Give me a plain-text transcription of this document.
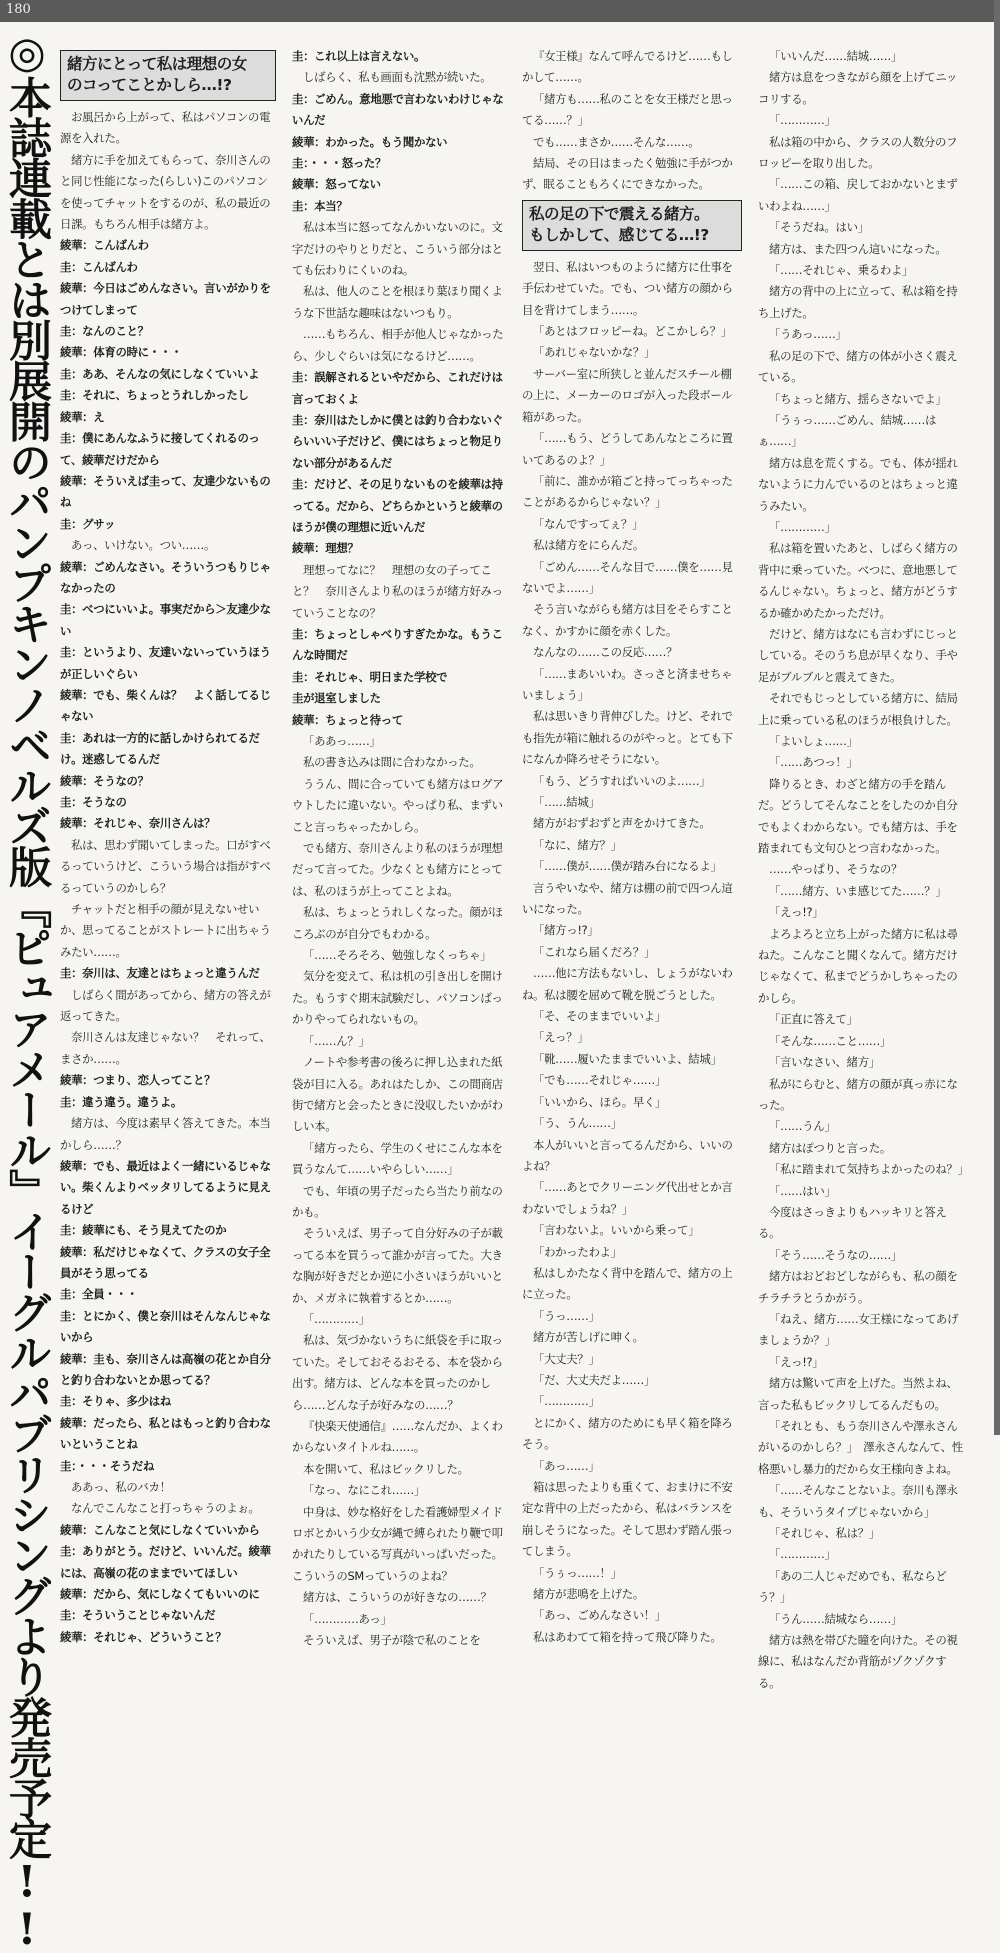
180
◎本誌連載とは別展開のパンプキンノベルズ版『ピュアメール』イーグルパブリシングより発売予定!! 緒方にとって私は理想の女
のコってことかしら…!?

お風呂から上がって、私はパソコンの電源を入れた。

緒方に手を加えてもらって、奈川さんのと同じ性能になった(らしい)このパソコンを使ってチャットをするのが、私の最近の日課。もちろん相手は緒方よ。

綾華：こんばんわ

圭：こんばんわ

綾華：今日はごめんなさい。言いがかりをつけてしまって

圭：なんのこと？

綾華：体育の時に・・・

圭：ああ、そんなの気にしなくていいよ

圭：それに、ちょっとうれしかったし

綾華：え

圭：僕にあんなふうに接してくれるのって、綾華だけだから

綾華：そういえば圭って、友達少ないものね

圭：グサッ

あっ、いけない。つい……。

綾華：ごめんなさい。そういうつもりじゃなかったの

圭：べつにいいよ。事実だから＞友達少ない

圭：というより、友達いないっていうほうが正しいぐらい

綾華：でも、柴くんは？　よく話してるじゃない

圭：あれは一方的に話しかけられてるだけ。迷惑してるんだ

綾華：そうなの？

圭：そうなの

綾華：それじゃ、奈川さんは？

私は、思わず聞いてしまった。口がすべるっていうけど、こういう場合は指がすべるっていうのかしら？

チャットだと相手の顔が見えないせいか、思ってることがストレートに出ちゃうみたい……。

圭：奈川は、友達とはちょっと違うんだ

しばらく間があってから、緒方の答えが返ってきた。

奈川さんは友達じゃない？　それって、まさか……。

綾華：つまり、恋人ってこと？

圭：違う違う。違うよ。

緒方は、今度は素早く答えてきた。本当かしら……？

綾華：でも、最近はよく一緒にいるじゃない。柴くんよりベッタリしてるように見えるけど

圭：綾華にも、そう見えてたのか

綾華：私だけじゃなくて、クラスの女子全員がそう思ってる

圭：全員・・・

圭：とにかく、僕と奈川はそんなんじゃないから

綾華：圭も、奈川さんは高嶺の花とか自分と釣り合わないとか思ってる？

圭：そりゃ、多少はね

綾華：だったら、私とはもっと釣り合わないということね

圭：・・・そうだね

ああっ、私のバカ！

なんでこんなこと打っちゃうのよぉ。

綾華：こんなこと気にしなくていいから

圭：ありがとう。だけど、いいんだ。綾華には、高嶺の花のままでいてほしい

綾華：だから、気にしなくてもいいのに

圭：そういうことじゃないんだ

綾華：それじゃ、どういうこと？

圭：これ以上は言えない。

しばらく、私も画面も沈黙が続いた。

圭：ごめん。意地悪で言わないわけじゃないんだ

綾華：わかった。もう聞かない

圭：・・・怒った？

綾華：怒ってない

圭：本当？

私は本当に怒ってなんかいないのに。文字だけのやりとりだと、こういう部分はとても伝わりにくいのね。

私は、他人のことを根ほり葉ほり聞くような下世話な趣味はないつもり。

……もちろん、相手が他人じゃなかったら、少しぐらいは気になるけど……。

圭：誤解されるといやだから、これだけは言っておくよ

圭：奈川はたしかに僕とは釣り合わないぐらいいい子だけど、僕にはちょっと物足りない部分があるんだ

圭：だけど、その足りないものを綾華は持ってる。だから、どちらかというと綾華のほうが僕の理想に近いんだ

綾華：理想？

理想ってなに？　理想の女の子ってこと？　奈川さんより私のほうが緒方好みっていうことなの？

圭：ちょっとしゃべりすぎたかな。もうこんな時間だ

圭：それじゃ、明日また学校で

圭が退室しました

綾華：ちょっと待って

「ああっ……」

私の書き込みは間に合わなかった。

ううん、間に合っていても緒方はログアウトしたに違いない。やっぱり私、まずいこと言っちゃったかしら。

でも緒方、奈川さんより私のほうが理想だって言ってた。少なくとも緒方にとっては、私のほうが上ってことよね。

私は、ちょっとうれしくなった。顔がほころぶのが自分でもわかる。

「……そろそろ、勉強しなくっちゃ」

気分を変えて、私は机の引き出しを開けた。もうすぐ期末試験だし、パソコンばっかりやってられないもの。

「……ん？」

ノートや参考書の後ろに押し込まれた紙袋が目に入る。あれはたしか、この間商店街で緒方と会ったときに没収したいかがわしい本。

「緒方ったら、学生のくせにこんな本を買うなんて……いやらしい……」

でも、年頃の男子だったら当たり前なのかも。

そういえば、男子って自分好みの子が載ってる本を買うって誰かが言ってた。大きな胸が好きだとか逆に小さいほうがいいとか、メガネに執着するとか……。

「…………」

私は、気づかないうちに紙袋を手に取っていた。そしておそるおそる、本を袋から出す。緒方は、どんな本を買ったのかしら……どんな子が好みなの……？

『快楽天使通信』……なんだか、よくわからないタイトルね……。

本を開いて、私はビックリした。

「なっ、なにこれ……」

中身は、妙な格好をした看護婦型メイドロボとかいう少女が縄で縛られたり鞭で叩かれたりしている写真がいっぱいだった。こういうのSMっていうのよね？

緒方は、こういうのが好きなの……？

「…………あっ」

そういえば、男子が陰で私のことを

『女王様』なんて呼んでるけど……もしかして……。

「緒方も……私のことを女王様だと思ってる……？」

でも……まさか……そんな……。

結局、その日はまったく勉強に手がつかず、眠ることもろくにできなかった。

私の足の下で震える緒方。
もしかして、感じてる…!?

翌日、私はいつものように緒方に仕事を手伝わせていた。でも、つい緒方の顔から目を背けてしまう……。

「あとはフロッピーね。どこかしら？」

「あれじゃないかな？」

サーバー室に所狭しと並んだスチール棚の上に、メーカーのロゴが入った段ボール箱があった。

「……もう、どうしてあんなところに置いてあるのよ？」

「前に、誰かが箱ごと持ってっちゃったことがあるからじゃない？」

「なんですってぇ？」

私は緒方をにらんだ。

「ごめん……そんな目で……僕を……見ないでよ……」

そう言いながらも緒方は目をそらすことなく、かすかに顔を赤くした。

なんなの……この反応……？

「……まあいいわ。さっさと済ませちゃいましょう」

私は思いきり背伸びした。けど、それでも指先が箱に触れるのがやっと。とても下になんか降ろせそうにない。

「もう、どうすればいいのよ……」

「……結城」

緒方がおずおずと声をかけてきた。

「なに、緒方？」

「……僕が……僕が踏み台になるよ」

言うやいなや、緒方は棚の前で四つん這いになった。

「緒方っ!?」

「これなら届くだろ？」

……他に方法もないし、しょうがないわね。私は腰を屈めて靴を脱ごうとした。

「そ、そのままでいいよ」

「えっ？」

「靴……履いたままでいいよ、結城」

「でも……それじゃ……」

「いいから、ほら。早く」

「う、うん……」

本人がいいと言ってるんだから、いいのよね？

「……あとでクリーニング代出せとか言わないでしょうね？」

「言わないよ。いいから乗って」

「わかったわよ」

私はしかたなく背中を踏んで、緒方の上に立った。

「うっ……」

緒方が苦しげに呻く。

「大丈夫？」

「だ、大丈夫だよ……」

「…………」

とにかく、緒方のためにも早く箱を降ろそう。

「あっ……」

箱は思ったよりも重くて、おまけに不安定な背中の上だったから、私はバランスを崩しそうになった。そして思わず踏ん張ってしまう。

「うぅっ……！」

緒方が悲鳴を上げた。

「あっ、ごめんなさい！」

私はあわてて箱を持って飛び降りた。

「いいんだ……結城……」

緒方は息をつきながら顔を上げてニッコリする。

「…………」

私は箱の中から、クラスの人数分のフロッピーを取り出した。

「……この箱、戻しておかないとまずいわよね……」

「そうだね。はい」

緒方は、また四つん這いになった。

「……それじゃ、乗るわよ」

緒方の背中の上に立って、私は箱を持ち上げた。

「うあっ……」

私の足の下で、緒方の体が小さく震えている。

「ちょっと緒方、揺らさないでよ」

「うぅっ……ごめん、結城……はぁ……」

緒方は息を荒くする。でも、体が揺れないように力んでいるのとはちょっと違うみたい。

「…………」

私は箱を置いたあと、しばらく緒方の背中に乗っていた。べつに、意地悪してるんじゃない。ちょっと、緒方がどうするか確かめたかっただけ。

だけど、緒方はなにも言わずにじっとしている。そのうち息が早くなり、手や足がブルブルと震えてきた。

それでもじっとしている緒方に、結局上に乗っている私のほうが根負けした。

「よいしょ……」

「……あつっ！」

降りるとき、わざと緒方の手を踏んだ。どうしてそんなことをしたのか自分でもよくわからない。でも緒方は、手を踏まれても文句ひとつ言わなかった。

……やっぱり、そうなの？

「……緒方、いま感じてた……？」

「えっ!?」

よろよろと立ち上がった緒方に私は尋ねた。こんなこと聞くなんて。緒方だけじゃなくて、私までどうかしちゃったのかしら。

「正直に答えて」

「そんな……こと……」

「言いなさい、緒方」

私がにらむと、緒方の顔が真っ赤になった。

「……うん」

緒方はぽつりと言った。

「私に踏まれて気持ちよかったのね？」

「……はい」

今度はさっきよりもハッキリと答える。

「そう……そうなの……」

緒方はおどおどしながらも、私の顔をチラチラとうかがう。

「ねえ、緒方……女王様になってあげましょうか？」

「えっ!?」

緒方は驚いて声を上げた。当然よね、言った私もビックリしてるんだもの。

「それとも、もう奈川さんや澤永さんがいるのかしら？」　澤永さんなんて、性格悪いし暴力的だから女王様向きよね。

「……そんなことないよ。奈川も澤永も、そういうタイプじゃないから」

「それじゃ、私は？」

「…………」

「あの二人じゃだめでも、私ならどう？」

「うん……結城なら……」

緒方は熱を帯びた瞳を向けた。その視線に、私はなんだか背筋がゾクゾクする。
